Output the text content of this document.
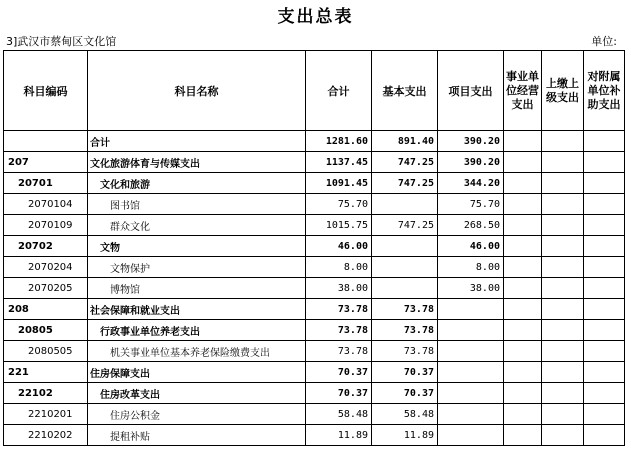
支出总表
3]武汉市蔡甸区文化馆	单位:
科目编码	科目名称	合计	基本支出	项目支出	事业单位经营支出	上缴上级支出	对附属单位补助支出
	合计	1281.60	891.40	390.20			
207	文化旅游体育与传媒支出	1137.45	747.25	390.20			
20701	文化和旅游	1091.45	747.25	344.20			
2070104	图书馆	75.70		75.70			
2070109	群众文化	1015.75	747.25	268.50			
20702	文物	46.00		46.00			
2070204	文物保护	8.00		8.00			
2070205	博物馆	38.00		38.00			
208	社会保障和就业支出	73.78	73.78				
20805	行政事业单位养老支出	73.78	73.78				
2080505	机关事业单位基本养老保险缴费支出	73.78	73.78				
221	住房保障支出	70.37	70.37				
22102	住房改革支出	70.37	70.37				
2210201	住房公积金	58.48	58.48				
2210202	提租补贴	11.89	11.89				
